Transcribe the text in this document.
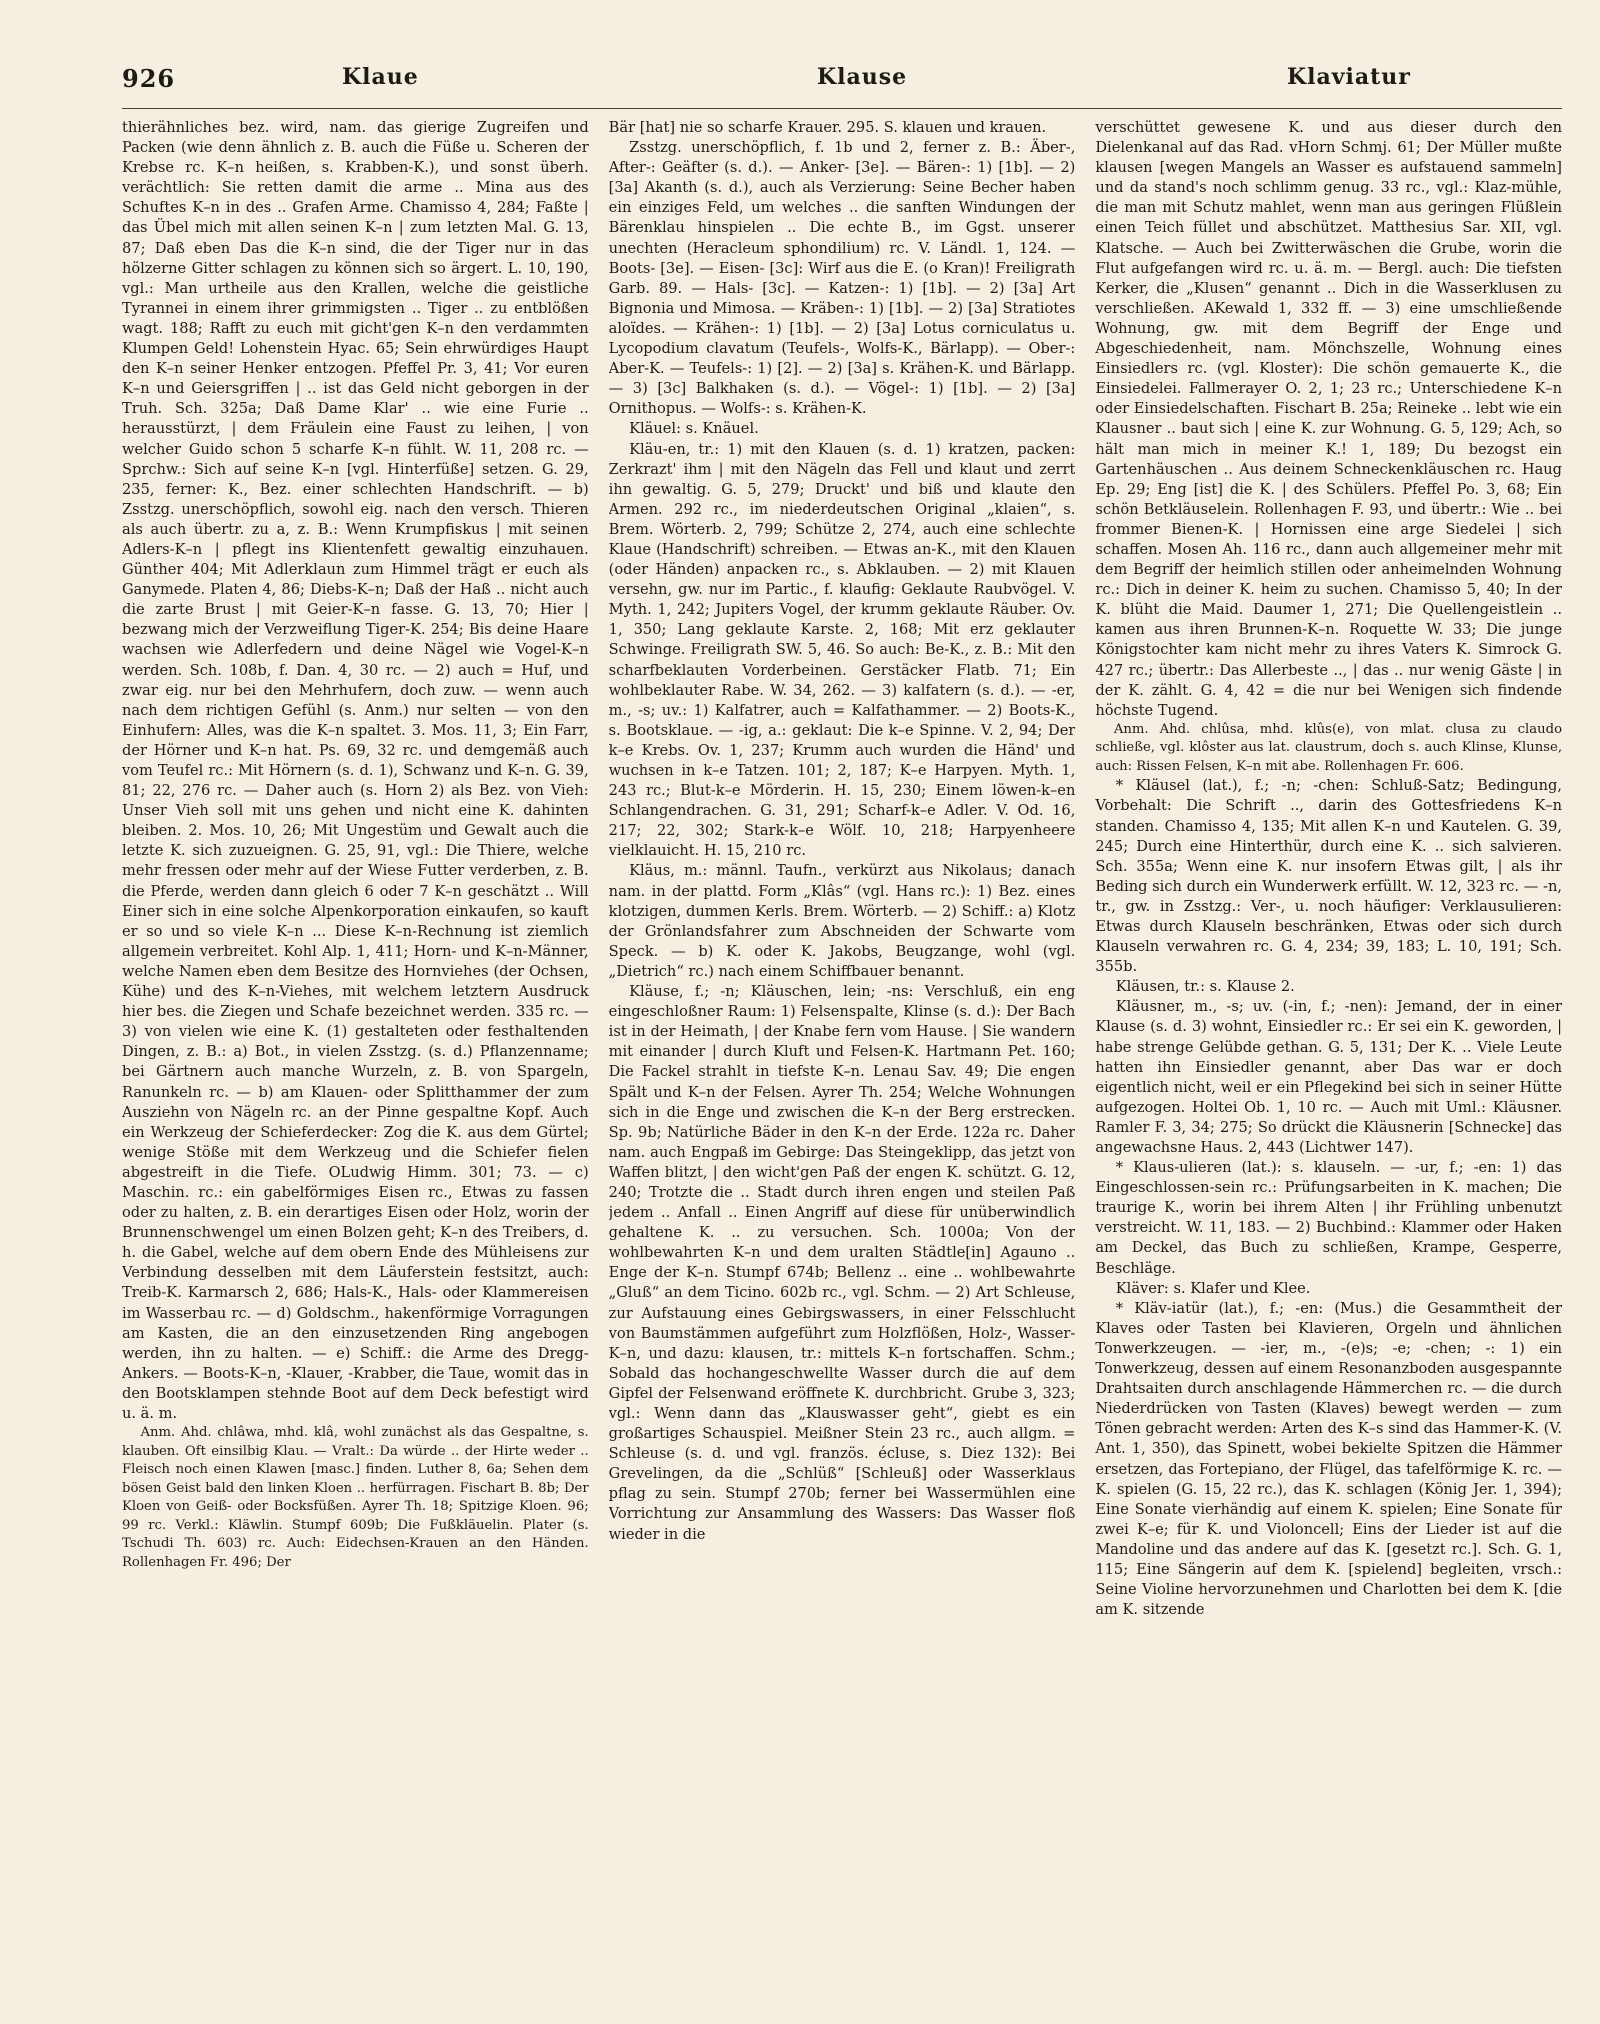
926	Klaue	Klause	Klaviatur

thierähnliches bez. wird, nam. das gierige Zugreifen und Packen (wie denn ähnlich z. B. auch die Füße u. Scheren der Krebse rc. K–n heißen, s. Krabben-K.), und sonst überh. verächtlich: Sie retten damit die arme .. Mina aus des Schuftes K–n in des .. Grafen Arme. Chamisso 4, 284; Faßte | das Übel mich mit allen seinen K–n | zum letzten Mal. G. 13, 87; Daß eben Das die K–n sind, die der Tiger nur in das hölzerne Gitter schlagen zu können sich so ärgert. L. 10, 190, vgl.: Man urtheile aus den Krallen, welche die geistliche Tyrannei in einem ihrer grimmigsten .. Tiger .. zu entblößen wagt. 188; Rafft zu euch mit gicht'gen K–n den verdammten Klumpen Geld! Lohenstein Hyac. 65; Sein ehrwürdiges Haupt den K–n seiner Henker entzogen. Pfeffel Pr. 3, 41; Vor euren K–n und Geiersgriffen | .. ist das Geld nicht geborgen in der Truh. Sch. 325a; Daß Dame Klar' .. wie eine Furie .. herausstürzt, | dem Fräulein eine Faust zu leihen, | von welcher Guido schon 5 scharfe K–n fühlt. W. 11, 208 rc. — Sprchw.: Sich auf seine K–n [vgl. Hinterfüße] setzen. G. 29, 235, ferner: K., Bez. einer schlechten Handschrift. — b) Zsstzg. unerschöpflich, sowohl eig. nach den versch. Thieren als auch übertr. zu a, z. B.: Wenn Krumpfiskus | mit seinen Adlers-K–n | pflegt ins Klientenfett gewaltig einzuhauen. Günther 404; Mit Adlerklaun zum Himmel trägt er euch als Ganymede. Platen 4, 86; Diebs-K–n; Daß der Haß .. nicht auch die zarte Brust | mit Geier-K–n fasse. G. 13, 70; Hier | bezwang mich der Verzweiflung Tiger-K. 254; Bis deine Haare wachsen wie Adlerfedern und deine Nägel wie Vogel-K–n werden. Sch. 108b, f. Dan. 4, 30 rc. — 2) auch = Huf, und zwar eig. nur bei den Mehrhufern, doch zuw. — wenn auch nach dem richtigen Gefühl (s. Anm.) nur selten — von den Einhufern: Alles, was die K–n spaltet. 3. Mos. 11, 3; Ein Farr, der Hörner und K–n hat. Ps. 69, 32 rc. und demgemäß auch vom Teufel rc.: Mit Hörnern (s. d. 1), Schwanz und K–n. G. 39, 81; 22, 276 rc. — Daher auch (s. Horn 2) als Bez. von Vieh: Unser Vieh soll mit uns gehen und nicht eine K. dahinten bleiben. 2. Mos. 10, 26; Mit Ungestüm und Gewalt auch die letzte K. sich zuzueignen. G. 25, 91, vgl.: Die Thiere, welche mehr fressen oder mehr auf der Wiese Futter verderben, z. B. die Pferde, werden dann gleich 6 oder 7 K–n geschätzt .. Will Einer sich in eine solche Alpenkorporation einkaufen, so kauft er so und so viele K–n ... Diese K–n-Rechnung ist ziemlich allgemein verbreitet. Kohl Alp. 1, 411; Horn- und K–n-Männer, welche Namen eben dem Besitze des Hornviehes (der Ochsen, Kühe) und des K–n-Viehes, mit welchem letztern Ausdruck hier bes. die Ziegen und Schafe bezeichnet werden. 335 rc. — 3) von vielen wie eine K. (1) gestalteten oder festhaltenden Dingen, z. B.: a) Bot., in vielen Zsstzg. (s. d.) Pflanzenname; bei Gärtnern auch manche Wurzeln, z. B. von Spargeln, Ranunkeln rc. — b) am Klauen- oder Splitthammer der zum Ausziehn von Nägeln rc. an der Pinne gespaltne Kopf. Auch ein Werkzeug der Schieferdecker: Zog die K. aus dem Gürtel; wenige Stöße mit dem Werkzeug und die Schiefer fielen abgestreift in die Tiefe. OLudwig Himm. 301; 73. — c) Maschin. rc.: ein gabelförmiges Eisen rc., Etwas zu fassen oder zu halten, z. B. ein derartiges Eisen oder Holz, worin der Brunnenschwengel um einen Bolzen geht; K–n des Treibers, d. h. die Gabel, welche auf dem obern Ende des Mühleisens zur Verbindung desselben mit dem Läuferstein festsitzt, auch: Treib-K. Karmarsch 2, 686; Hals-K., Hals- oder Klammereisen im Wasserbau rc. — d) Goldschm., hakenförmige Vorragungen am Kasten, die an den einzusetzenden Ring angebogen werden, ihn zu halten. — e) Schiff.: die Arme des Dregg-Ankers. — Boots-K–n, -Klauer, -Krabber, die Taue, womit das in den Bootsklampen stehnde Boot auf dem Deck befestigt wird u. ä. m.

Anm. Ahd. chlâwa, mhd. klâ, wohl zunächst als das Gespaltne, s. klauben. Oft einsilbig Klau. — Vralt.: Da würde .. der Hirte weder .. Fleisch noch einen Klawen [masc.] finden. Luther 8, 6a; Sehen dem bösen Geist bald den linken Kloen .. herfürragen. Fischart B. 8b; Der Kloen von Geiß- oder Bocksfüßen. Ayrer Th. 18; Spitzige Kloen. 96; 99 rc. Verkl.: Kläwlin. Stumpf 609b; Die Fußkläuelin. Plater (s. Tschudi Th. 603) rc. Auch: Eidechsen-Krauen an den Händen. Rollenhagen Fr. 496; Der

Bär [hat] nie so scharfe Krauer. 295. S. klauen und krauen.

Zsstzg. unerschöpflich, f. 1b und 2, ferner z. B.: Äber-, After-: Geäfter (s. d.). — Anker- [3e]. — Bären-: 1) [1b]. — 2) [3a] Akanth (s. d.), auch als Verzierung: Seine Becher haben ein einziges Feld, um welches .. die sanften Windungen der Bärenklau hinspielen .. Die echte B., im Ggst. unserer unechten (Heracleum sphondilium) rc. V. Ländl. 1, 124. — Boots- [3e]. — Eisen- [3c]: Wirf aus die E. (o Kran)! Freiligrath Garb. 89. — Hals- [3c]. — Katzen-: 1) [1b]. — 2) [3a] Art Bignonia und Mimosa. — Kräben-: 1) [1b]. — 2) [3a] Stratiotes aloïdes. — Krähen-: 1) [1b]. — 2) [3a] Lotus corniculatus u. Lycopodium clavatum (Teufels-, Wolfs-K., Bärlapp). — Ober-: Aber-K. — Teufels-: 1) [2]. — 2) [3a] s. Krähen-K. und Bärlapp. — 3) [3c] Balkhaken (s. d.). — Vögel-: 1) [1b]. — 2) [3a] Ornithopus. — Wolfs-: s. Krähen-K.

Kläuel: s. Knäuel.

Kläu-en, tr.: 1) mit den Klauen (s. d. 1) kratzen, packen: Zerkrazt' ihm | mit den Nägeln das Fell und klaut und zerrt ihn gewaltig. G. 5, 279; Druckt' und biß und klaute den Armen. 292 rc., im niederdeutschen Original „klaien“, s. Brem. Wörterb. 2, 799; Schütze 2, 274, auch eine schlechte Klaue (Handschrift) schreiben. — Etwas an-K., mit den Klauen (oder Händen) anpacken rc., s. Abklauben. — 2) mit Klauen versehn, gw. nur im Partic., f. klaufig: Geklaute Raubvögel. V. Myth. 1, 242; Jupiters Vogel, der krumm geklaute Räuber. Ov. 1, 350; Lang geklaute Karste. 2, 168; Mit erz geklauter Schwinge. Freiligrath SW. 5, 46. So auch: Be-K., z. B.: Mit den scharfbeklauten Vorderbeinen. Gerstäcker Flatb. 71; Ein wohlbeklauter Rabe. W. 34, 262. — 3) kalfatern (s. d.). — -er, m., -s; uv.: 1) Kalfatrer, auch = Kalfathammer. — 2) Boots-K., s. Bootsklaue. — -ig, a.: geklaut: Die k–e Spinne. V. 2, 94; Der k–e Krebs. Ov. 1, 237; Krumm auch wurden die Händ' und wuchsen in k–e Tatzen. 101; 2, 187; K–e Harpyen. Myth. 1, 243 rc.; Blut-k–e Mörderin. H. 15, 230; Einem löwen-k–en Schlangendrachen. G. 31, 291; Scharf-k–e Adler. V. Od. 16, 217; 22, 302; Stark-k–e Wölf. 10, 218; Harpyenheere vielklauicht. H. 15, 210 rc.

Kläus, m.: männl. Taufn., verkürzt aus Nikolaus; danach nam. in der plattd. Form „Klâs“ (vgl. Hans rc.): 1) Bez. eines klotzigen, dummen Kerls. Brem. Wörterb. — 2) Schiff.: a) Klotz der Grönlandsfahrer zum Abschneiden der Schwarte vom Speck. — b) K. oder K. Jakobs, Beugzange, wohl (vgl. „Dietrich“ rc.) nach einem Schiffbauer benannt.

Kläuse, f.; -n; Kläuschen, lein; -ns: Verschluß, ein eng eingeschloßner Raum: 1) Felsenspalte, Klinse (s. d.): Der Bach ist in der Heimath, | der Knabe fern vom Hause. | Sie wandern mit einander | durch Kluft und Felsen-K. Hartmann Pet. 160; Die Fackel strahlt in tiefste K–n. Lenau Sav. 49; Die engen Spält und K–n der Felsen. Ayrer Th. 254; Welche Wohnungen sich in die Enge und zwischen die K–n der Berg erstrecken. Sp. 9b; Natürliche Bäder in den K–n der Erde. 122a rc. Daher nam. auch Engpaß im Gebirge: Das Steingeklipp, das jetzt von Waffen blitzt, | den wicht'gen Paß der engen K. schützt. G. 12, 240; Trotzte die .. Stadt durch ihren engen und steilen Paß jedem .. Anfall .. Einen Angriff auf diese für unüberwindlich gehaltene K. .. zu versuchen. Sch. 1000a; Von der wohlbewahrten K–n und dem uralten Städtle[in] Agauno .. Enge der K–n. Stumpf 674b; Bellenz .. eine .. wohlbewahrte „Gluß“ an dem Ticino. 602b rc., vgl. Schm. — 2) Art Schleuse, zur Aufstauung eines Gebirgswassers, in einer Felsschlucht von Baumstämmen aufgeführt zum Holzflößen, Holz-, Wasser-K–n, und dazu: klausen, tr.: mittels K–n fortschaffen. Schm.; Sobald das hochangeschwellte Wasser durch die auf dem Gipfel der Felsenwand eröffnete K. durchbricht. Grube 3, 323; vgl.: Wenn dann das „Klauswasser geht“, giebt es ein großartiges Schauspiel. Meißner Stein 23 rc., auch allgm. = Schleuse (s. d. und vgl. französ. écluse, s. Diez 132): Bei Grevelingen, da die „Schlüß“ [Schleuß] oder Wasserklaus pflag zu sein. Stumpf 270b; ferner bei Wassermühlen eine Vorrichtung zur Ansammlung des Wassers: Das Wasser floß wieder in die

verschüttet gewesene K. und aus dieser durch den Dielenkanal auf das Rad. vHorn Schmj. 61; Der Müller mußte klausen [wegen Mangels an Wasser es aufstauend sammeln] und da stand's noch schlimm genug. 33 rc., vgl.: Klaz-mühle, die man mit Schutz mahlet, wenn man aus geringen Flüßlein einen Teich füllet und abschützet. Matthesius Sar. XII, vgl. Klatsche. — Auch bei Zwitterwäschen die Grube, worin die Flut aufgefangen wird rc. u. ä. m. — Bergl. auch: Die tiefsten Kerker, die „Klusen“ genannt .. Dich in die Wasserklusen zu verschließen. AKewald 1, 332 ff. — 3) eine umschließende Wohnung, gw. mit dem Begriff der Enge und Abgeschiedenheit, nam. Mönchszelle, Wohnung eines Einsiedlers rc. (vgl. Kloster): Die schön gemauerte K., die Einsiedelei. Fallmerayer O. 2, 1; 23 rc.; Unterschiedene K–n oder Einsiedelschaften. Fischart B. 25a; Reineke .. lebt wie ein Klausner .. baut sich | eine K. zur Wohnung. G. 5, 129; Ach, so hält man mich in meiner K.! 1, 189; Du bezogst ein Gartenhäuschen .. Aus deinem Schneckenkläuschen rc. Haug Ep. 29; Eng [ist] die K. | des Schülers. Pfeffel Po. 3, 68; Ein schön Betkläuselein. Rollenhagen F. 93, und übertr.: Wie .. bei frommer Bienen-K. | Hornissen eine arge Siedelei | sich schaffen. Mosen Ah. 116 rc., dann auch allgemeiner mehr mit dem Begriff der heimlich stillen oder anheimelnden Wohnung rc.: Dich in deiner K. heim zu suchen. Chamisso 5, 40; In der K. blüht die Maid. Daumer 1, 271; Die Quellengeistlein .. kamen aus ihren Brunnen-K–n. Roquette W. 33; Die junge Königstochter kam nicht mehr zu ihres Vaters K. Simrock G. 427 rc.; übertr.: Das Allerbeste .., | das .. nur wenig Gäste | in der K. zählt. G. 4, 42 = die nur bei Wenigen sich findende höchste Tugend.

Anm. Ahd. chlûsa, mhd. klûs(e), von mlat. clusa zu claudo schließe, vgl. klôster aus lat. claustrum, doch s. auch Klinse, Klunse, auch: Rissen Felsen, K–n mit abe. Rollenhagen Fr. 606.

* Kläusel (lat.), f.; -n; -chen: Schluß-Satz; Bedingung, Vorbehalt: Die Schrift .., darin des Gottesfriedens K–n standen. Chamisso 4, 135; Mit allen K–n und Kautelen. G. 39, 245; Durch eine Hinterthür, durch eine K. .. sich salvieren. Sch. 355a; Wenn eine K. nur insofern Etwas gilt, | als ihr Beding sich durch ein Wunderwerk erfüllt. W. 12, 323 rc. — -n, tr., gw. in Zsstzg.: Ver-, u. noch häufiger: Verklausulieren: Etwas durch Klauseln beschränken, Etwas oder sich durch Klauseln verwahren rc. G. 4, 234; 39, 183; L. 10, 191; Sch. 355b.

Kläusen, tr.: s. Klause 2.

Kläusner, m., -s; uv. (-in, f.; -nen): Jemand, der in einer Klause (s. d. 3) wohnt, Einsiedler rc.: Er sei ein K. geworden, | habe strenge Gelübde gethan. G. 5, 131; Der K. .. Viele Leute hatten ihn Einsiedler genannt, aber Das war er doch eigentlich nicht, weil er ein Pflegekind bei sich in seiner Hütte aufgezogen. Holtei Ob. 1, 10 rc. — Auch mit Uml.: Kläusner. Ramler F. 3, 34; 275; So drückt die Kläusnerin [Schnecke] das angewachsne Haus. 2, 443 (Lichtwer 147).

* Klaus-ulieren (lat.): s. klauseln. — -ur, f.; -en: 1) das Eingeschlossen-sein rc.: Prüfungsarbeiten in K. machen; Die traurige K., worin bei ihrem Alten | ihr Frühling unbenutzt verstreicht. W. 11, 183. — 2) Buchbind.: Klammer oder Haken am Deckel, das Buch zu schließen, Krampe, Gesperre, Beschläge.

Kläver: s. Klafer und Klee.

* Kläv-iatür (lat.), f.; -en: (Mus.) die Gesammtheit der Klaves oder Tasten bei Klavieren, Orgeln und ähnlichen Tonwerkzeugen. — -ier, m., -(e)s; -e; -chen; -: 1) ein Tonwerkzeug, dessen auf einem Resonanzboden ausgespannte Drahtsaiten durch anschlagende Hämmerchen rc. — die durch Niederdrücken von Tasten (Klaves) bewegt werden — zum Tönen gebracht werden: Arten des K–s sind das Hammer-K. (V. Ant. 1, 350), das Spinett, wobei bekielte Spitzen die Hämmer ersetzen, das Fortepiano, der Flügel, das tafelförmige K. rc. — K. spielen (G. 15, 22 rc.), das K. schlagen (König Jer. 1, 394); Eine Sonate vierhändig auf einem K. spielen; Eine Sonate für zwei K–e; für K. und Violoncell; Eins der Lieder ist auf die Mandoline und das andere auf das K. [gesetzt rc.]. Sch. G. 1, 115; Eine Sängerin auf dem K. [spielend] begleiten, vrsch.: Seine Violine hervorzunehmen und Charlotten bei dem K. [die am K. sitzende
